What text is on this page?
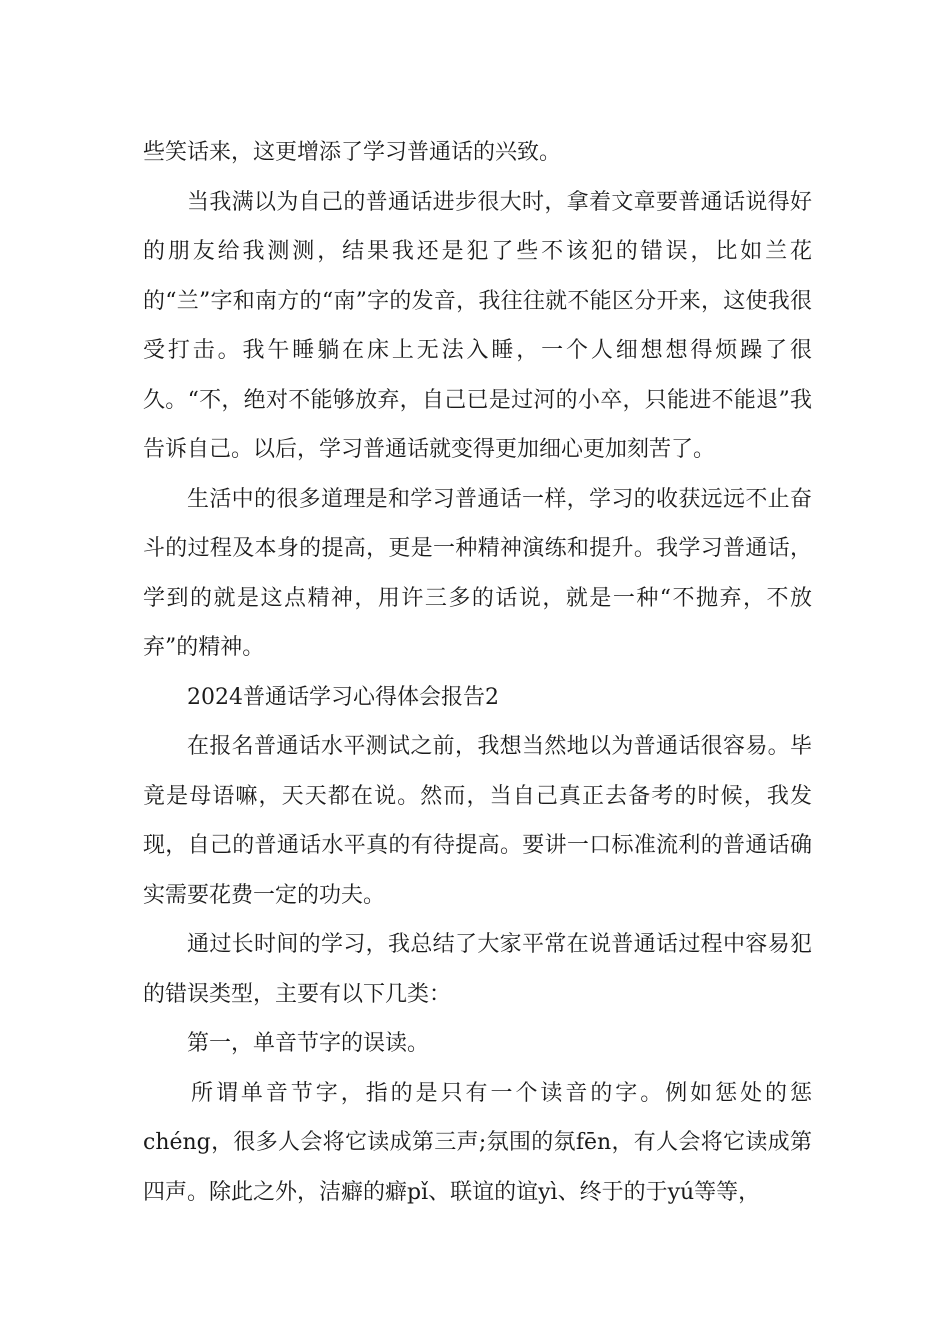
些笑话来，这更增添了学习普通话的兴致。

当我满以为自己的普通话进步很大时，拿着文章要普通话说得好的朋友给我测测，结果我还是犯了些不该犯的错误，比如兰花的“兰”字和南方的“南”字的发音，我往往就不能区分开来，这使我很受打击。我午睡躺在床上无法入睡，一个人细想想得烦躁了很久。“不，绝对不能够放弃，自己已是过河的小卒，只能进不能退”我告诉自己。以后，学习普通话就变得更加细心更加刻苦了。

生活中的很多道理是和学习普通话一样，学习的收获远远不止奋斗的过程及本身的提高，更是一种精神演练和提升。我学习普通话，学到的就是这点精神，用许三多的话说，就是一种“不抛弃，不放弃”的精神。

2024普通话学习心得体会报告2

在报名普通话水平测试之前，我想当然地以为普通话很容易。毕竟是母语嘛，天天都在说。然而，当自己真正去备考的时候，我发现，自己的普通话水平真的有待提高。要讲一口标准流利的普通话确实需要花费一定的功夫。

通过长时间的学习，我总结了大家平常在说普通话过程中容易犯的错误类型，主要有以下几类：

第一，单音节字的误读。

所谓单音节字，指的是只有一个读音的字。例如惩处的惩chéng，很多人会将它读成第三声;氛围的氛fēn，有人会将它读成第四声。除此之外，洁癖的癖pǐ、联谊的谊yì、终于的于yú等等，
